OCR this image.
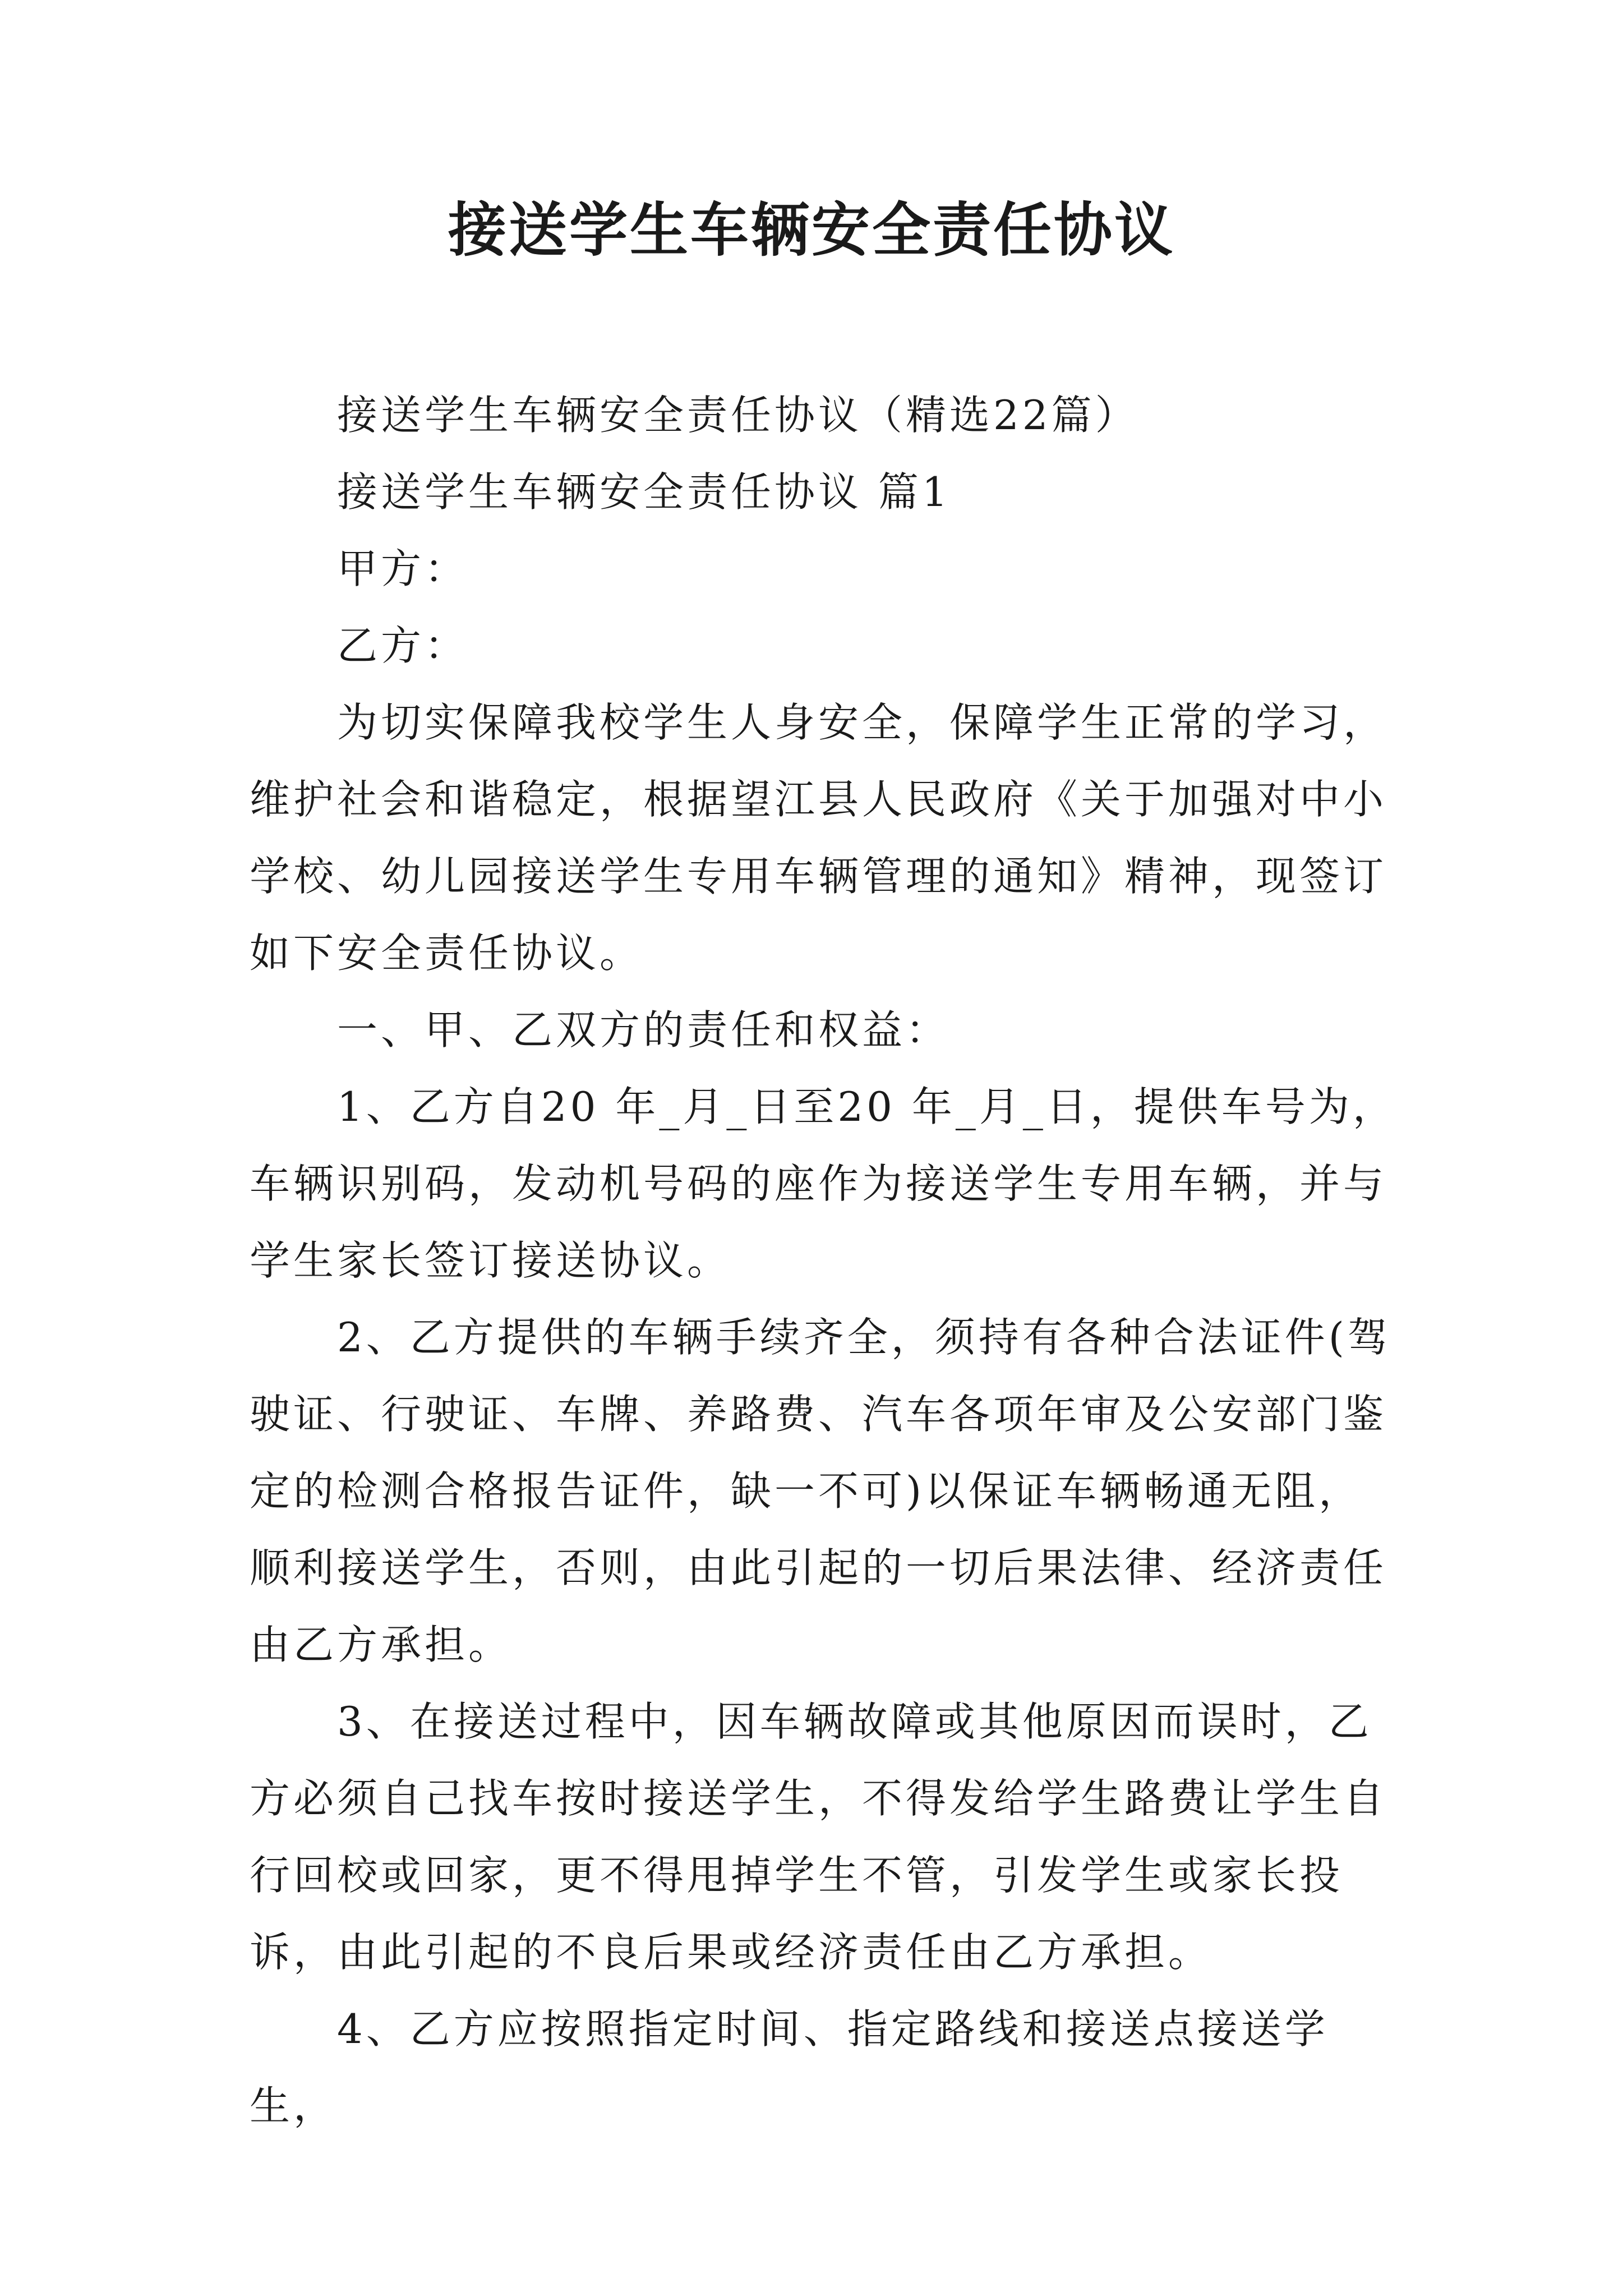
接送学生车辆安全责任协议

接送学生车辆安全责任协议（精选22篇）

接送学生车辆安全责任协议 篇1

甲方：

乙方：

为切实保障我校学生人身安全，保障学生正常的学习，维护社会和谐稳定，根据望江县人民政府《关于加强对中小学校、幼儿园接送学生专用车辆管理的通知》精神，现签订如下安全责任协议。

一、甲、乙双方的责任和权益：

1、乙方自20 年_月_日至20 年_月_日，提供车号为，车辆识别码，发动机号码的座作为接送学生专用车辆，并与学生家长签订接送协议。

2、乙方提供的车辆手续齐全，须持有各种合法证件(驾驶证、行驶证、车牌、养路费、汽车各项年审及公安部门鉴定的检测合格报告证件，缺一不可)以保证车辆畅通无阻，顺利接送学生，否则，由此引起的一切后果法律、经济责任由乙方承担。

3、在接送过程中，因车辆故障或其他原因而误时，乙方必须自己找车按时接送学生，不得发给学生路费让学生自行回校或回家，更不得甩掉学生不管，引发学生或家长投诉，由此引起的不良后果或经济责任由乙方承担。

4、乙方应按照指定时间、指定路线和接送点接送学生，
